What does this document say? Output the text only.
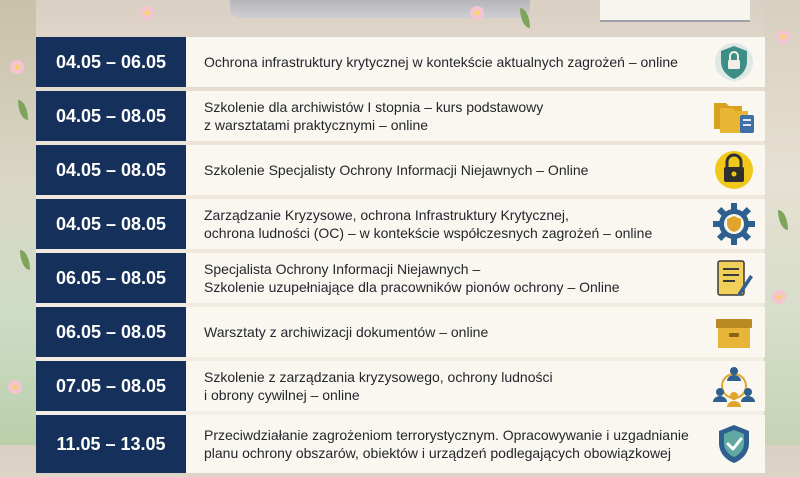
04.05 – 06.05	Ochrona infrastruktury krytycznej w kontekście aktualnych zagrożeń – online
04.05 – 08.05	Szkolenie dla archiwistów I stopnia – kurs podstawowy
z warsztatami praktycznymi – online
04.05 – 08.05	Szkolenie Specjalisty Ochrony Informacji Niejawnych – Online
04.05 – 08.05	Zarządzanie Kryzysowe, ochrona Infrastruktury Krytycznej,
ochrona ludności (OC) – w kontekście współczesnych zagrożeń – online
06.05 – 08.05	Specjalista Ochrony Informacji Niejawnych –
Szkolenie uzupełniające dla pracowników pionów ochrony – Online
06.05 – 08.05	Warsztaty z archiwizacji dokumentów – online
07.05 – 08.05	Szkolenie z zarządzania kryzysowego, ochrony ludności
i obrony cywilnej – online
11.05 – 13.05	Przeciwdziałanie zagrożeniom terrorystycznym. Opracowywanie i uzgadnianie
planu ochrony obszarów, obiektów i urządzeń podlegających obowiązkowej
